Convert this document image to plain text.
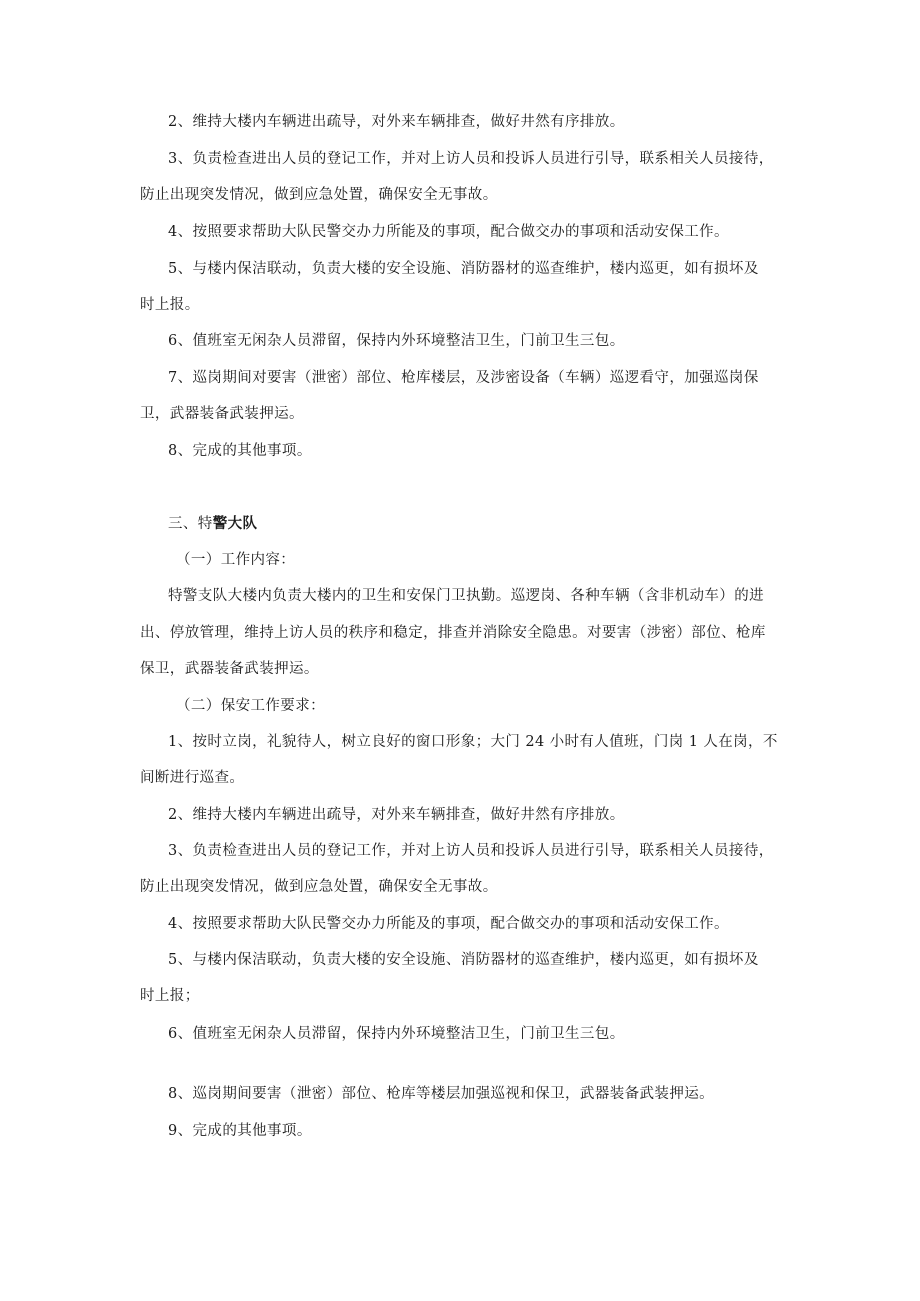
2、维持大楼内车辆进出疏导，对外来车辆排查，做好井然有序排放。
3、负责检查进出人员的登记工作，并对上访人员和投诉人员进行引导，联系相关人员接待，
防止出现突发情况，做到应急处置，确保安全无事故。
4、按照要求帮助大队民警交办力所能及的事项，配合做交办的事项和活动安保工作。
5、与楼内保洁联动，负责大楼的安全设施、消防器材的巡查维护，楼内巡更，如有损坏及
时上报。
6、值班室无闲杂人员滞留，保持内外环境整洁卫生，门前卫生三包。
7、巡岗期间对要害（泄密）部位、枪库楼层，及涉密设备（车辆）巡逻看守，加强巡岗保
卫，武器装备武装押运。
8、完成的其他事项。
三、特警大队
（一）工作内容：
特警支队大楼内负责大楼内的卫生和安保门卫执勤。巡逻岗、各种车辆（含非机动车）的进
出、停放管理，维持上访人员的秩序和稳定，排查并消除安全隐患。对要害（涉密）部位、枪库
保卫，武器装备武装押运。
（二）保安工作要求：
1、按时立岗，礼貌待人，树立良好的窗口形象；大门 24 小时有人值班，门岗 1 人在岗，不
间断进行巡查。
2、维持大楼内车辆进出疏导，对外来车辆排查，做好井然有序排放。
3、负责检查进出人员的登记工作，并对上访人员和投诉人员进行引导，联系相关人员接待，
防止出现突发情况，做到应急处置，确保安全无事故。
4、按照要求帮助大队民警交办力所能及的事项，配合做交办的事项和活动安保工作。
5、与楼内保洁联动，负责大楼的安全设施、消防器材的巡查维护，楼内巡更，如有损坏及
时上报；
6、值班室无闲杂人员滞留，保持内外环境整洁卫生，门前卫生三包。
8、巡岗期间要害（泄密）部位、枪库等楼层加强巡视和保卫，武器装备武装押运。
9、完成的其他事项。
